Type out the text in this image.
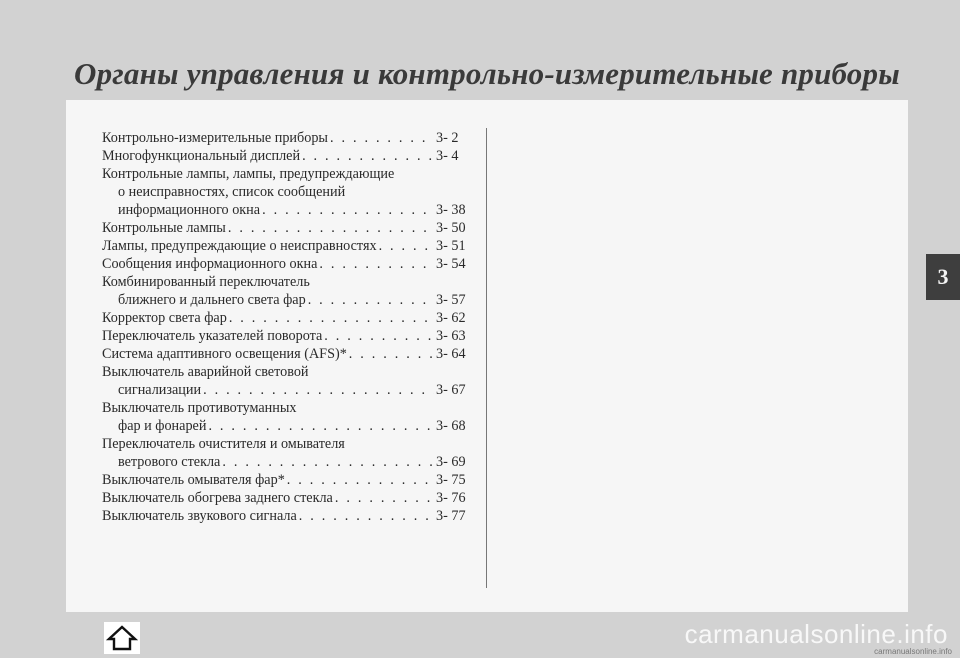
Органы управления и контрольно-измерительные приборы
Контрольно-измерительные приборы . . .	3- 2
Многофункциональный дисплей . . .	3- 4
Контрольные лампы, лампы, предупреждающие
о неисправностях, список сообщений
информационного окна . . .	3- 38
Контрольные лампы . . .	3- 50
Лампы, предупреждающие о неисправностях . . .	3- 51
Сообщения информационного окна . . .	3- 54
Комбинированный переключатель
ближнего и дальнего света фар . . .	3- 57
Корректор света фар . . .	3- 62
Переключатель указателей поворота . . .	3- 63
Система адаптивного освещения (AFS)* . . .	3- 64
Выключатель аварийной световой
сигнализации . . .	3- 67
Выключатель противотуманных
фар и фонарей . . .	3- 68
Переключатель очистителя и омывателя
ветрового стекла . . .	3- 69
Выключатель омывателя фар* . . .	3- 75
Выключатель обогрева заднего стекла . . .	3- 76
Выключатель звукового сигнала . . .	3- 77
3
carmanualsonline.info
carmanualsonline.info
